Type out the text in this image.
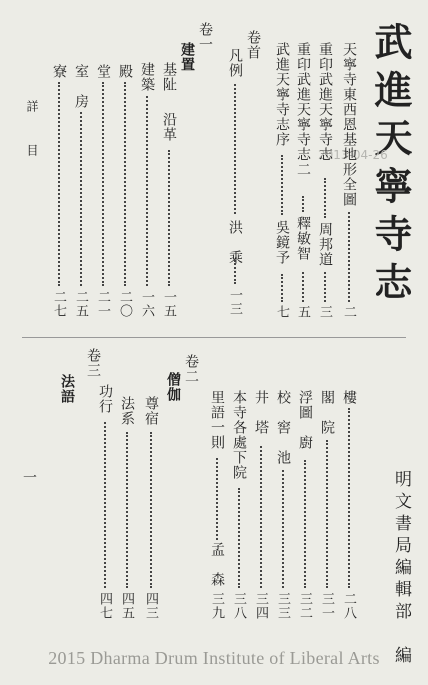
武進天寧寺志
明文書局編輯部　編
2013-04-26
天寧寺東西恩基地形全圖
二
重印武進天寧寺志
周邦道
三
重印武進天寧寺志二
釋敏智
五
武進天寧寺志序
吳鏡予
七
卷首
凡例
洪　乘
一三
卷一
建置
基阯
沿革
一五
建築
一六
殿
二〇
堂
二一
室　房
二五
寮
二七
詳　目
樓
二八
閣　院
三一
浮圖　廚
三二
校　窖　池
三三
井　塔
三四
本寺各處下院
三八
里語一則
孟　森
三九
卷二
僧伽
尊宿
四三
法系
四五
卷三
功行
四七
法語
一
2015 Dharma Drum Institute of Liberal Arts
